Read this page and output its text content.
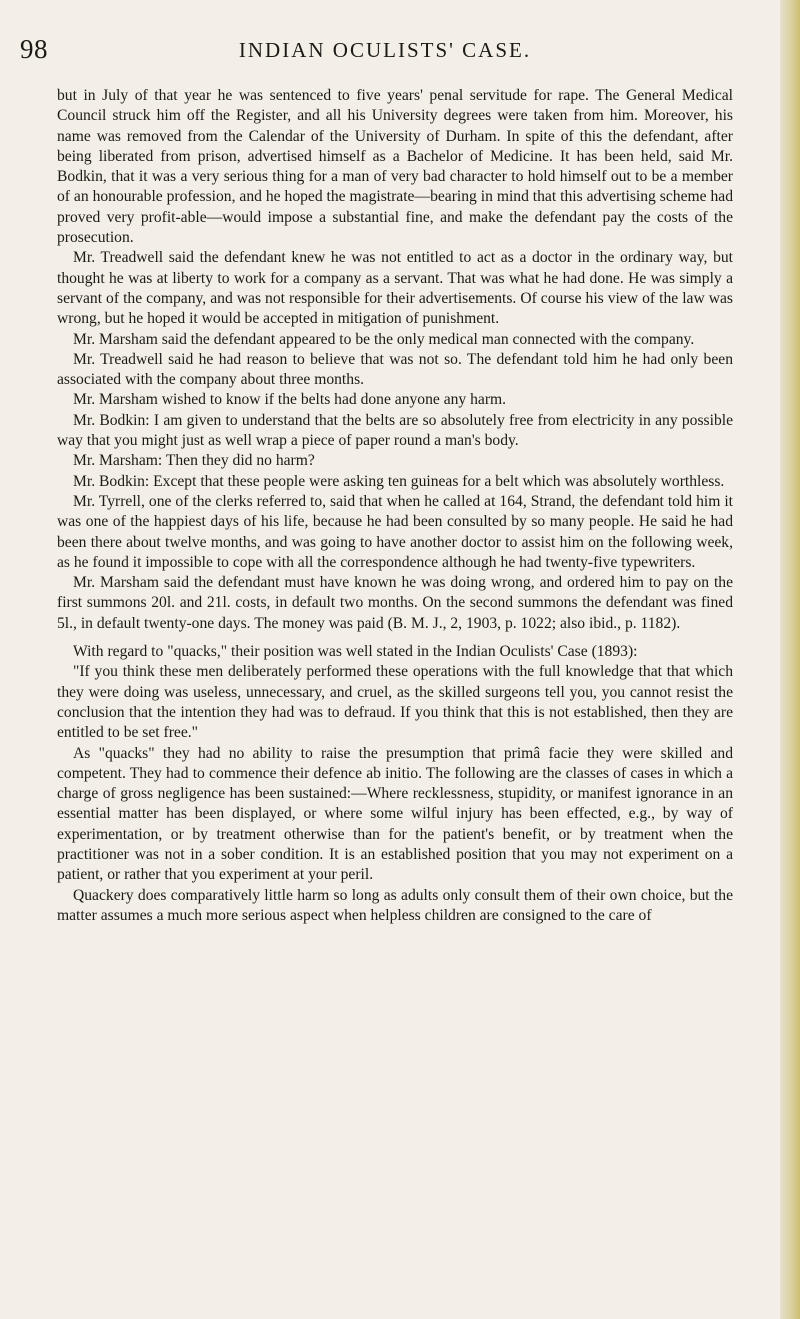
98	INDIAN OCULISTS' CASE.

but in July of that year he was sentenced to five years' penal servitude for rape. The General Medical Council struck him off the Register, and all his University degrees were taken from him. Moreover, his name was removed from the Calendar of the University of Durham. In spite of this the defendant, after being liberated from prison, advertised himself as a Bachelor of Medicine. It has been held, said Mr. Bodkin, that it was a very serious thing for a man of very bad character to hold himself out to be a member of an honourable profession, and he hoped the magistrate—bearing in mind that this advertising scheme had proved very profit-able—would impose a substantial fine, and make the defendant pay the costs of the prosecution.

Mr. Treadwell said the defendant knew he was not entitled to act as a doctor in the ordinary way, but thought he was at liberty to work for a company as a servant. That was what he had done. He was simply a servant of the company, and was not responsible for their advertisements. Of course his view of the law was wrong, but he hoped it would be accepted in mitigation of punishment.

Mr. Marsham said the defendant appeared to be the only medical man connected with the company.

Mr. Treadwell said he had reason to believe that was not so. The defendant told him he had only been associated with the company about three months.

Mr. Marsham wished to know if the belts had done anyone any harm.

Mr. Bodkin: I am given to understand that the belts are so absolutely free from electricity in any possible way that you might just as well wrap a piece of paper round a man's body.

Mr. Marsham: Then they did no harm?

Mr. Bodkin: Except that these people were asking ten guineas for a belt which was absolutely worthless.

Mr. Tyrrell, one of the clerks referred to, said that when he called at 164, Strand, the defendant told him it was one of the happiest days of his life, because he had been consulted by so many people. He said he had been there about twelve months, and was going to have another doctor to assist him on the following week, as he found it impossible to cope with all the correspondence although he had twenty-five typewriters.

Mr. Marsham said the defendant must have known he was doing wrong, and ordered him to pay on the first summons 20l. and 21l. costs, in default two months. On the second summons the defendant was fined 5l., in default twenty-one days. The money was paid (B. M. J., 2, 1903, p. 1022; also ibid., p. 1182).

With regard to "quacks," their position was well stated in the Indian Oculists' Case (1893):

"If you think these men deliberately performed these operations with the full knowledge that that which they were doing was useless, unnecessary, and cruel, as the skilled surgeons tell you, you cannot resist the conclusion that the intention they had was to defraud. If you think that this is not established, then they are entitled to be set free."

As "quacks" they had no ability to raise the presumption that primâ facie they were skilled and competent. They had to commence their defence ab initio. The following are the classes of cases in which a charge of gross negligence has been sustained:—Where recklessness, stupidity, or manifest ignorance in an essential matter has been displayed, or where some wilful injury has been effected, e.g., by way of experimentation, or by treatment otherwise than for the patient's benefit, or by treatment when the practitioner was not in a sober condition. It is an established position that you may not experiment on a patient, or rather that you experiment at your peril.

Quackery does comparatively little harm so long as adults only consult them of their own choice, but the matter assumes a much more serious aspect when helpless children are consigned to the care of
